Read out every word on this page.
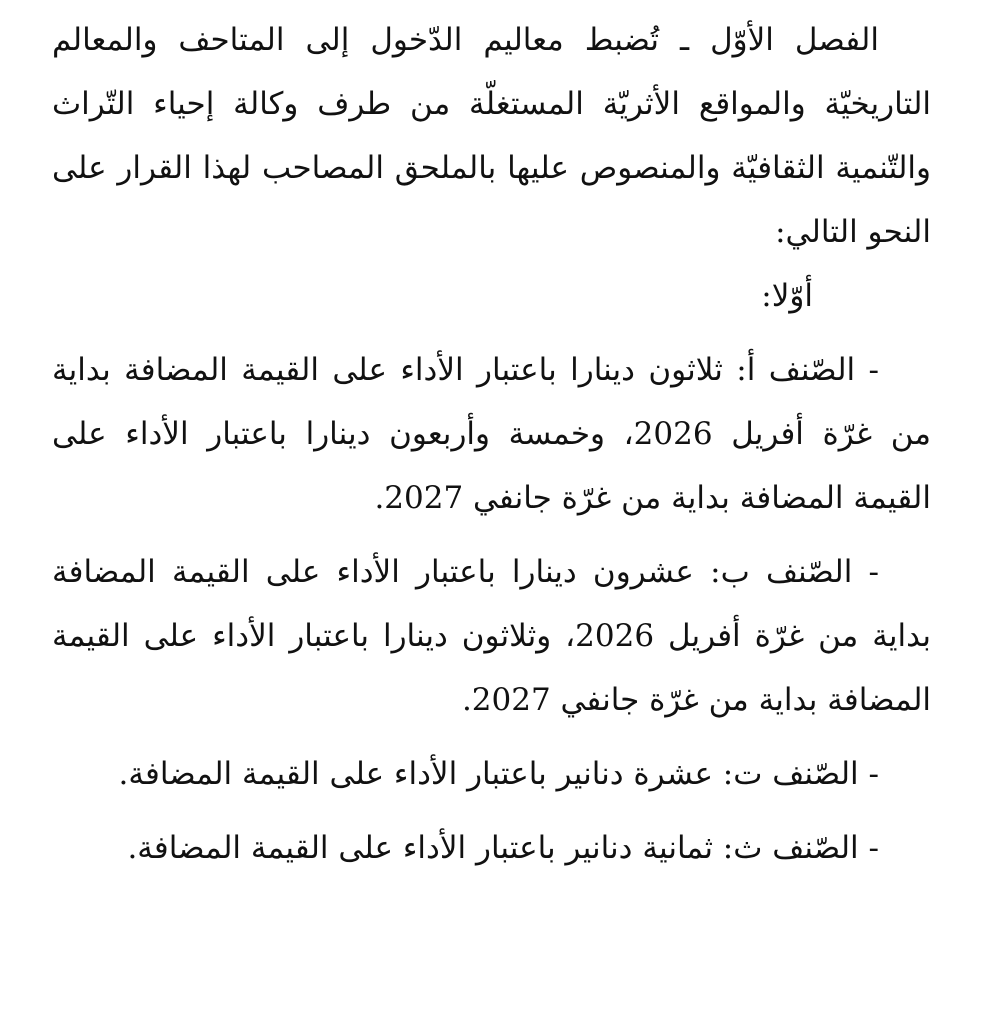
الفصل الأوّل ـ تُضبط معاليم الدّخول إلى المتاحف والمعالم التاريخيّة والمواقع الأثريّة المستغلّة من طرف وكالة إحياء التّراث والتّنمية الثقافيّة والمنصوص عليها بالملحق المصاحب لهذا القرار على النحو التالي:

أوّلا:

- الصّنف أ: ثلاثون دينارا باعتبار الأداء على القيمة المضافة بداية من غرّة أفريل 2026، وخمسة وأربعون دينارا باعتبار الأداء على القيمة المضافة بداية من غرّة جانفي 2027.

- الصّنف ب: عشرون دينارا باعتبار الأداء على القيمة المضافة بداية من غرّة أفريل 2026، وثلاثون دينارا باعتبار الأداء على القيمة المضافة بداية من غرّة جانفي 2027.

- الصّنف ت: عشرة دنانير باعتبار الأداء على القيمة المضافة.

- الصّنف ث: ثمانية دنانير باعتبار الأداء على القيمة المضافة.
